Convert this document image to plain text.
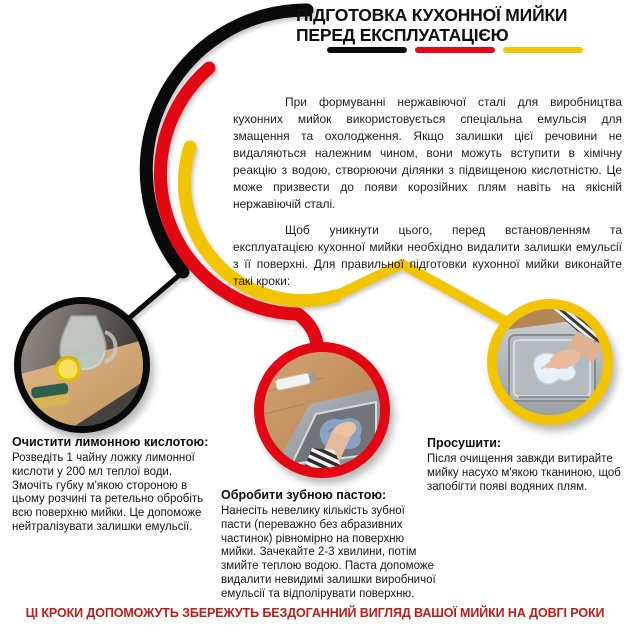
ПІДГОТОВКА КУХОННОЇ МИЙКИ
ПЕРЕД ЕКСПЛУАТАЦІЄЮ

При формуванні нержавіючої сталі для виробництва кухонних мийок використовується спеціальна емульсія для змащення та охолодження. Якщо залишки цієї речовини не видаляються належним чином, вони можуть вступити в хімічну реакцію з водою, створюючи ділянки з підвищеною кислотністю. Це може призвести до появи корозійних плям навіть на якісній нержавіючій сталі.

Щоб уникнути цього, перед встановленням та експлуатацією кухонної мийки необхідно видалити залишки емульсії з її поверхні. Для правильної підготовки кухонної мийки виконайте такі кроки:

Очистити лимонною кислотою:
Розведіть 1 чайну ложку лимонної кислоти у 200 мл теплої води. Змочіть губку м'якою стороною в цьому розчині та ретельно обробіть всю поверхню мийки. Це допоможе нейтралізувати залишки емульсії.
Обробити зубною пастою:
Нанесіть невелику кількість зубної пасти (переважно без абразивних частинок) рівномірно на поверхню мийки. Зачекайте 2-3 хвилини, потім змийте теплою водою. Паста допоможе видалити невидимі залишки виробничої емульсії та відполірувати поверхню.
Просушити:
Після очищення завжди витирайте мийку насухо м'якою тканиною, щоб запобігти появі водяних плям.
ЦІ КРОКИ ДОПОМОЖУТЬ ЗБЕРЕЖУТЬ БЕЗДОГАННИЙ ВИГЛЯД ВАШОЇ МИЙКИ НА ДОВГІ РОКИ
